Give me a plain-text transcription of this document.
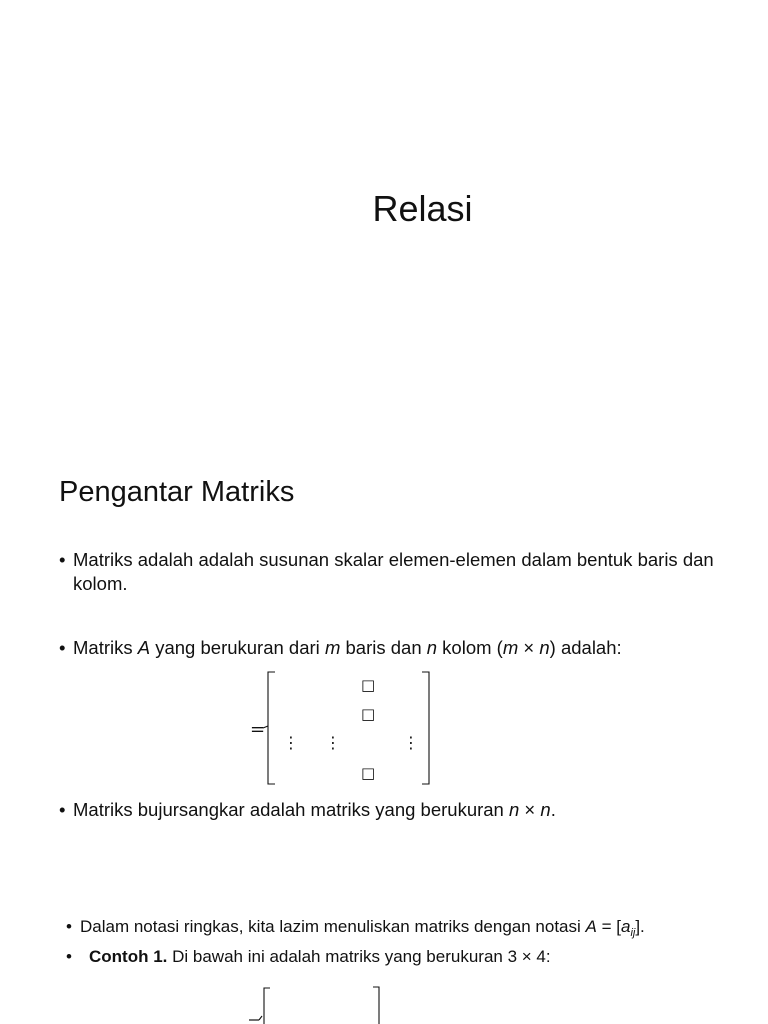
Relasi
Pengantar Matriks
• Matriks adalah adalah susunan skalar elemen-elemen dalam bentuk baris dan kolom.
• Matriks A yang berukuran dari m baris dan n kolom (m × n) adalah:
=
□
□
⋮ ⋮	⋮
□
• Matriks bujursangkar adalah matriks yang berukuran n × n.
• Dalam notasi ringkas, kita lazim menuliskan matriks dengan notasi $A = [a_{ij}]$.
• Contoh 1. Di bawah ini adalah matriks yang berukuran 3 × 4:
